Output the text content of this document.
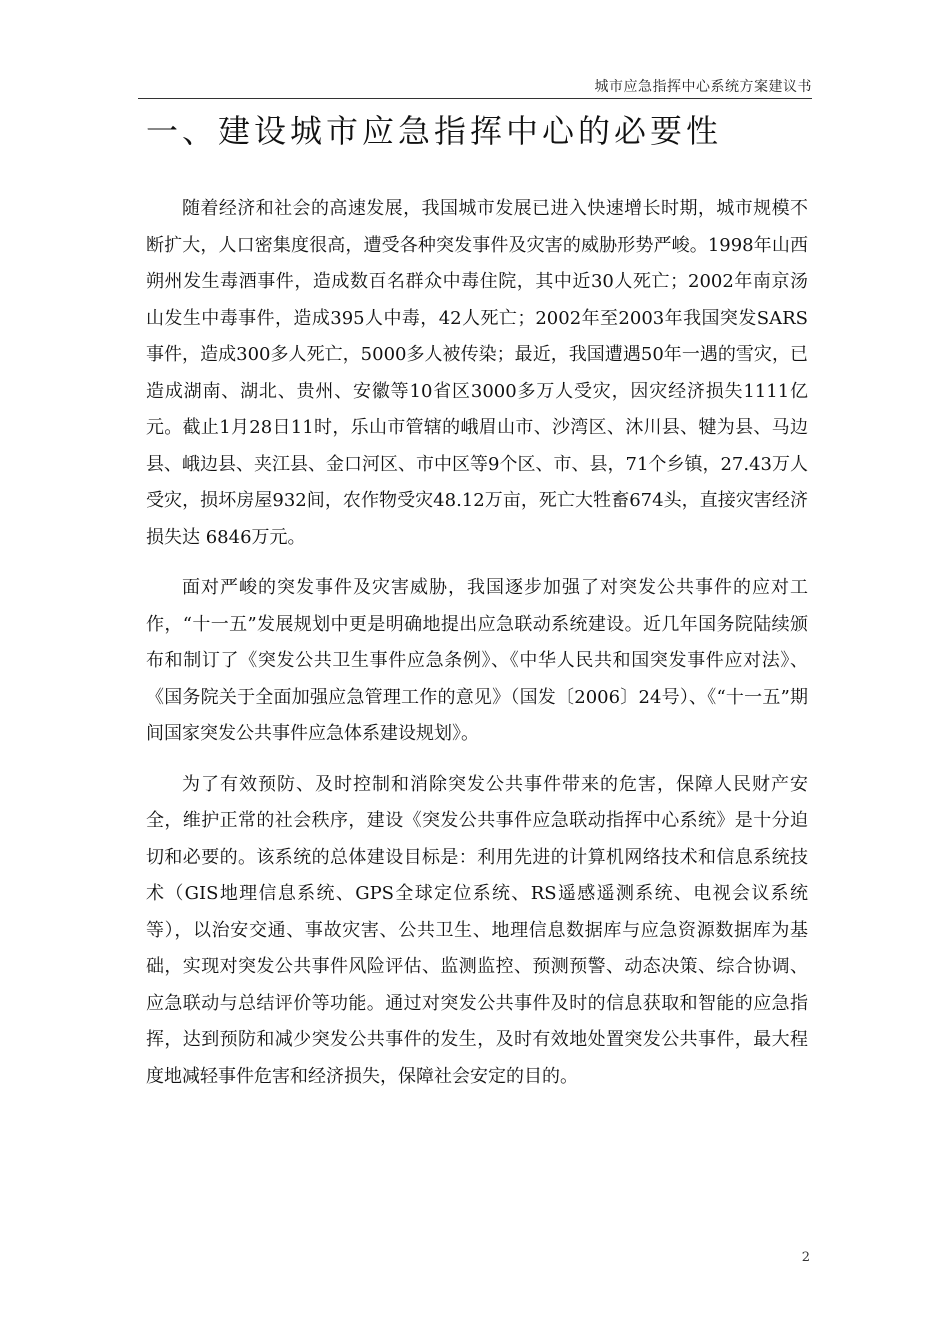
城市应急指挥中心系统方案建议书
一、建设城市应急指挥中心的必要性

随着经济和社会的高速发展，我国城市发展已进入快速增长时期，城市规模不断扩大，人口密集度很高，遭受各种突发事件及灾害的威胁形势严峻。1998年山西朔州发生毒酒事件，造成数百名群众中毒住院，其中近30人死亡；2002年南京汤山发生中毒事件，造成395人中毒，42人死亡；2002年至2003年我国突发SARS事件，造成300多人死亡，5000多人被传染；最近，我国遭遇50年一遇的雪灾，已造成湖南、湖北、贵州、安徽等10省区3000多万人受灾，因灾经济损失1111亿元。截止1月28日11时，乐山市管辖的峨眉山市、沙湾区、沐川县、犍为县、马边县、峨边县、夹江县、金口河区、市中区等9个区、市、县，71个乡镇，27.43万人受灾，损坏房屋932间，农作物受灾48.12万亩，死亡大牲畜674头，直接灾害经济损失达 6846万元。

面对严峻的突发事件及灾害威胁，我国逐步加强了对突发公共事件的应对工作，“十一五”发展规划中更是明确地提出应急联动系统建设。近几年国务院陆续颁布和制订了《突发公共卫生事件应急条例》、《中华人民共和国突发事件应对法》、《国务院关于全面加强应急管理工作的意见》（国发〔2006〕24号）、《“十一五”期间国家突发公共事件应急体系建设规划》。

为了有效预防、及时控制和消除突发公共事件带来的危害，保障人民财产安全，维护正常的社会秩序，建设《突发公共事件应急联动指挥中心系统》是十分迫切和必要的。该系统的总体建设目标是：利用先进的计算机网络技术和信息系统技术（GIS地理信息系统、GPS全球定位系统、RS遥感遥测系统、电视会议系统等），以治安交通、事故灾害、公共卫生、地理信息数据库与应急资源数据库为基础，实现对突发公共事件风险评估、监测监控、预测预警、动态决策、综合协调、应急联动与总结评价等功能。通过对突发公共事件及时的信息获取和智能的应急指挥，达到预防和减少突发公共事件的发生，及时有效地处置突发公共事件，最大程度地减轻事件危害和经济损失，保障社会安定的目的。

2
